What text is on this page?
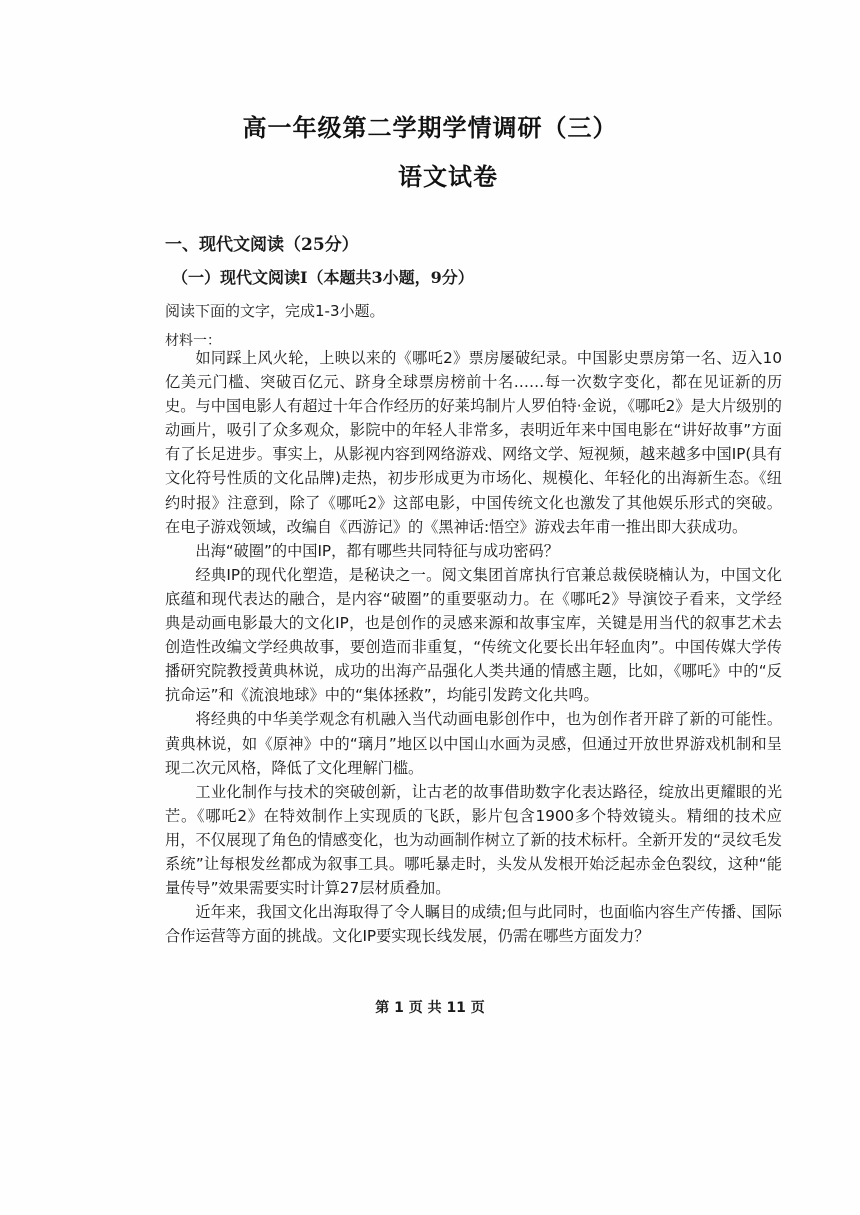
高一年级第二学期学情调研（三）
语文试卷
一、现代文阅读（25分）
（一）现代文阅读Ⅰ（本题共3小题，9分）
阅读下面的文字，完成1-3小题。
材料一：

如同踩上风火轮，上映以来的《哪吒2》票房屡破纪录。中国影史票房第一名、迈入10亿美元门槛、突破百亿元、跻身全球票房榜前十名……每一次数字变化，都在见证新的历史。与中国电影人有超过十年合作经历的好莱坞制片人罗伯特·金说，《哪吒2》是大片级别的动画片，吸引了众多观众，影院中的年轻人非常多，表明近年来中国电影在“讲好故事”方面有了长足进步。事实上，从影视内容到网络游戏、网络文学、短视频，越来越多中国IP(具有文化符号性质的文化品牌)走热，初步形成更为市场化、规模化、年轻化的出海新生态。《纽约时报》注意到，除了《哪吒2》这部电影，中国传统文化也激发了其他娱乐形式的突破。在电子游戏领域，改编自《西游记》的《黑神话:悟空》游戏去年甫一推出即大获成功。

出海“破圈”的中国IP，都有哪些共同特征与成功密码？

经典IP的现代化塑造，是秘诀之一。阅文集团首席执行官兼总裁侯晓楠认为，中国文化底蕴和现代表达的融合，是内容“破圈”的重要驱动力。在《哪吒2》导演饺子看来，文学经典是动画电影最大的文化IP，也是创作的灵感来源和故事宝库，关键是用当代的叙事艺术去创造性改编文学经典故事，要创造而非重复，“传统文化要长出年轻血肉”。中国传媒大学传播研究院教授黄典林说，成功的出海产品强化人类共通的情感主题，比如，《哪吒》中的“反抗命运”和《流浪地球》中的“集体拯救”，均能引发跨文化共鸣。

将经典的中华美学观念有机融入当代动画电影创作中，也为创作者开辟了新的可能性。黄典林说，如《原神》中的“璃月”地区以中国山水画为灵感，但通过开放世界游戏机制和呈现二次元风格，降低了文化理解门槛。

工业化制作与技术的突破创新，让古老的故事借助数字化表达路径，绽放出更耀眼的光芒。《哪吒2》在特效制作上实现质的飞跃，影片包含1900多个特效镜头。精细的技术应用，不仅展现了角色的情感变化，也为动画制作树立了新的技术标杆。全新开发的“灵纹毛发系统”让每根发丝都成为叙事工具。哪吒暴走时，头发从发根开始泛起赤金色裂纹，这种“能量传导”效果需要实时计算27层材质叠加。

近年来，我国文化出海取得了令人瞩目的成绩;但与此同时，也面临内容生产传播、国际合作运营等方面的挑战。文化IP要实现长线发展，仍需在哪些方面发力？

第 1 页 共 11 页
